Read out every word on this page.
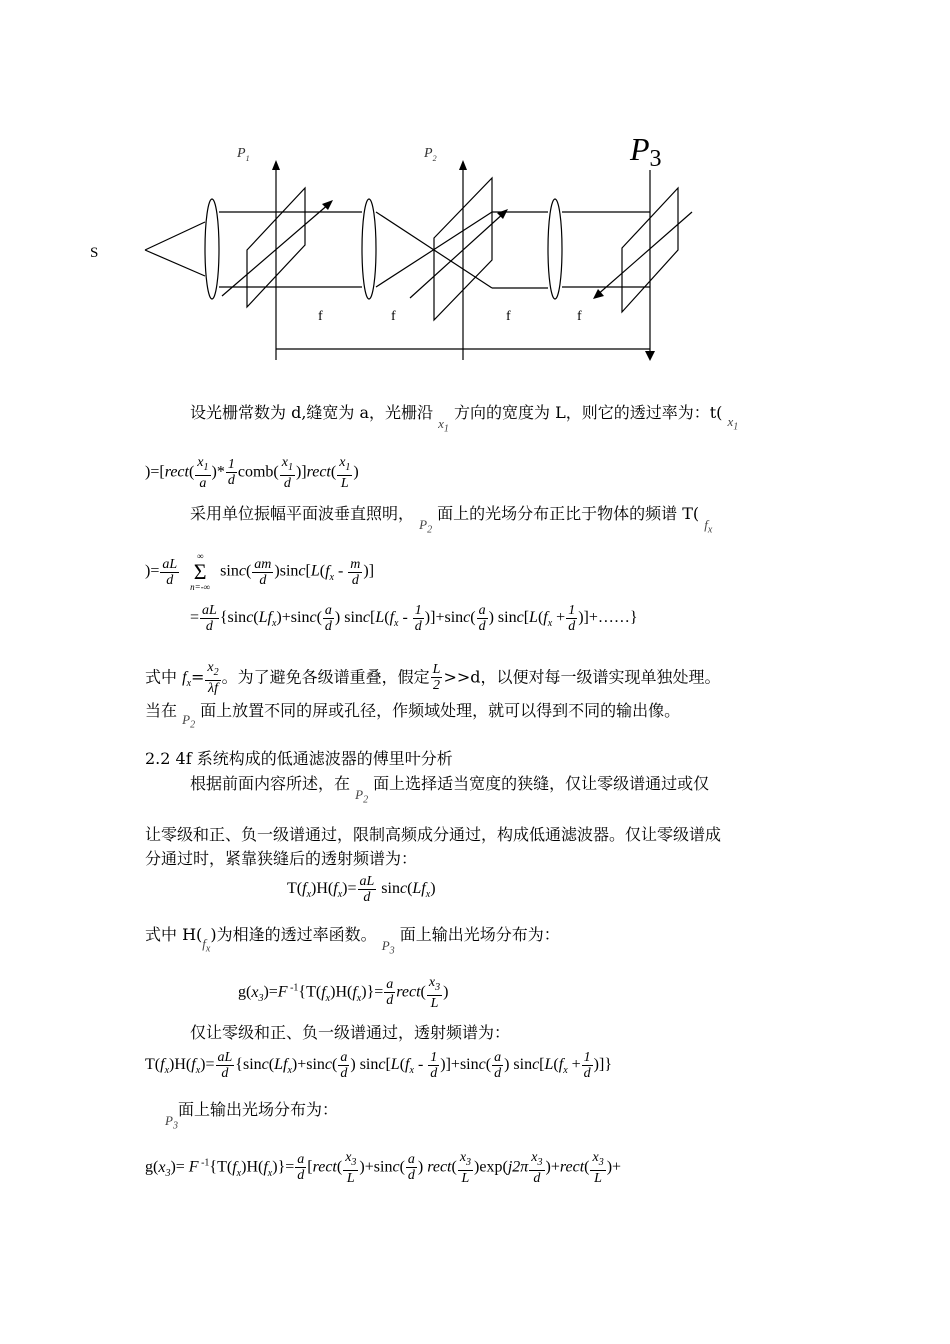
S
$P_1$	$P_2$	P3
f	f	f	f
设光栅常数为 d,缝宽为 a，光栅沿 $_{x_1}$ 方向的宽度为 L，则它的透过率为：t( $_{x_1}$
)=[rect( $\frac{x_1}{a}$ )* $\frac{1}{d}$ comb( $\frac{x_1}{d}$ )]rect( $\frac{x_1}{L}$ )
采用单位振幅平面波垂直照明， $_{P_2}$ 面上的光场分布正比于物体的频谱 T( $_{f_x}$
)= $\frac{aL}{d}$

∞
Σ
n=-∞
$\sin c( \frac{am}{d} )\sin c[L(f_x - \frac{m}{d}$ )]
= $\frac{aL}{d} \{\sin c(Lf_x)+\sin c( \frac{a}{d}$ ) $\sin c[L(f_x - \frac{1}{d} )]+\sin c( \frac{a}{d}$ ) $\sin c[L(f_x + \frac{1}{d}$ )]+……}
式中 $f_x= \frac{x_2}{\lambda f}$ 。为了避免各级谱重叠，假定 $\frac{L}{2} >>d$，以便对每一级谱实现单独处理。
当在 $_{P_2}$ 面上放置不同的屏或孔径，作频域处理，就可以得到不同的输出像。
2.2 4f 系统构成的低通滤波器的傅里叶分析
根据前面内容所述，在 $_{P_2}$ 面上选择适当宽度的狭缝，仅让零级谱通过或仅
让零级和正、负一级谱通过，限制高频成分通过，构成低通滤波器。仅让零级谱成
分通过时，紧靠狭缝后的透射频谱为：
$T(f_x)H(f_x)= \frac{aL}{d} \sin c(Lf_x)$
式中 $H(_{f_x})$为相逢的透过率函数。 $_{P_3}$ 面上输出光场分布为：
$g(x_3)=F$ $^{-1}\{T(f_x)H(f_x)\}= \frac{a}{d}$ rect( $\frac{x_3}{L}$ )
仅让零级和正、负一级谱通过，透射频谱为：
$T(f_x)H(f_x)= \frac{aL}{d} \{\sin c(Lf_x)+\sin c( \frac{a}{d}$ ) $\sin c[L(f_x - \frac{1}{d} )]+\sin c( \frac{a}{d}$ ) $\sin c[L(f_x + \frac{1}{d}$ )]}
$_{P_3}$面上输出光场分布为：
$g(x_3)= F$ $^{-1}\{T(f_x)H(f_x)\}= \frac{a}{d}$ [rect( $\frac{x_3}{L} )+\sin c( \frac{a}{d}$ ) rect( $\frac{x_3}{L} )\exp(j2\pi \frac{x_3}{d}$ )+rect( $\frac{x_3}{L}$ )+
